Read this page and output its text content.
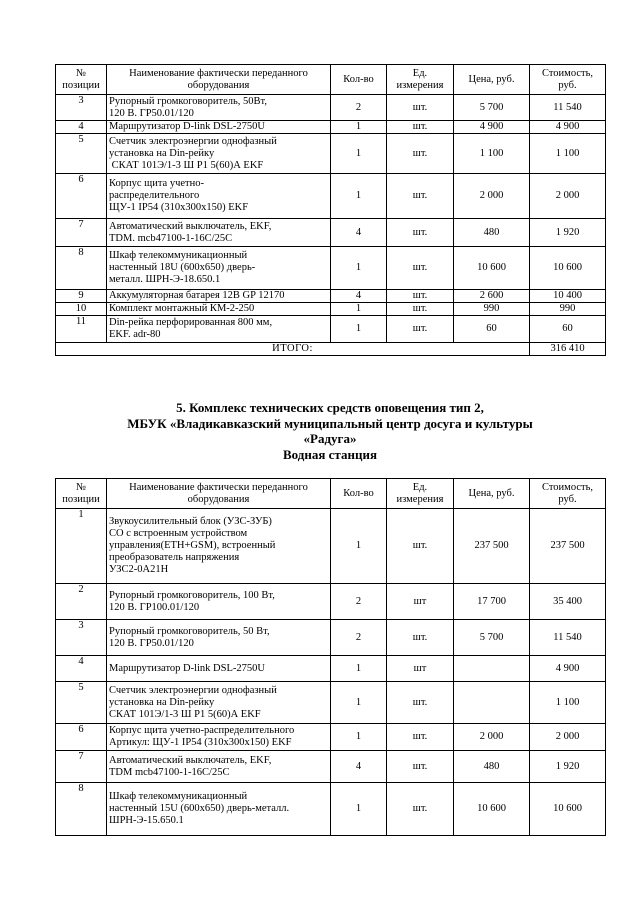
№ позиции	Наименование фактически переданного оборудования	Кол-во	Ед. измерения	Цена, руб.	Стоимость, руб.
3	Рупорный громкоговоритель, 50Вт,
120 В. ГР50.01/120	2	шт.	5 700	11 540
4	Маршрутизатор D-link DSL-2750U	1	шт.	4 900	4 900
5	Счетчик электроэнергии однофазный
установка на Din-рейку
СКАТ 101Э/1-3 Ш Р1 5(60)А EKF	1	шт.	1 100	1 100
6	Корпус щита учетно-
распределительного
ЩУ-1 IP54 (310х300х150) EKF	1	шт.	2 000	2 000
7	Автоматический выключатель, EKF,
TDM. mcb47100-1-16C/25C	4	шт.	480	1 920
8	Шкаф телекоммуникационный
настенный 18U (600х650) дверь-
металл. ШРН-Э-18.650.1	1	шт.	10 600	10 600
9	Аккумуляторная батарея 12В GP 12170	4	шт.	2 600	10 400
10	Комплект монтажный КМ-2-250	1	шт.	990	990
11	Din-рейка перфорированная 800 мм,
EKF. adr-80	1	шт.	60	60
ИТОГО:					316 410
5. Комплекс технических средств оповещения тип 2,
МБУК «Владикавказский муниципальный центр досуга и культуры
«Радуга»
Водная станция
№ позиции	Наименование фактически переданного оборудования	Кол-во	Ед. измерения	Цена, руб.	Стоимость, руб.
1	Звукоусилительный блок (УЗС-ЗУБ)
СО с встроенным устройством
управления(ETH+GSM), встроенный
преобразователь напряжения
УЗС2-0А21Н	1	шт.	237 500	237 500
2	Рупорный громкоговоритель, 100 Вт,
120 В. ГР100.01/120	2	шт	17 700	35 400
3	Рупорный громкоговоритель, 50 Вт,
120 В. ГР50.01/120	2	шт.	5 700	11 540
4	Маршрутизатор D-link DSL-2750U	1	шт		4 900
5	Счетчик электроэнергии однофазный
установка на Din-рейку
СКАТ 101Э/1-3 Ш Р1 5(60)А EKF	1	шт.		1 100
6	Корпус щита учетно-распределительного
Артикул: ЩУ-1 IP54 (310х300х150) EKF	1	шт.	2 000	2 000
7	Автоматический выключатель, EKF,
TDM mcb47100-1-16C/25C	4	шт.	480	1 920
8	Шкаф телекоммуникационный
настенный 15U (600х650) дверь-металл.
ШРН-Э-15.650.1	1	шт.	10 600	10 600
